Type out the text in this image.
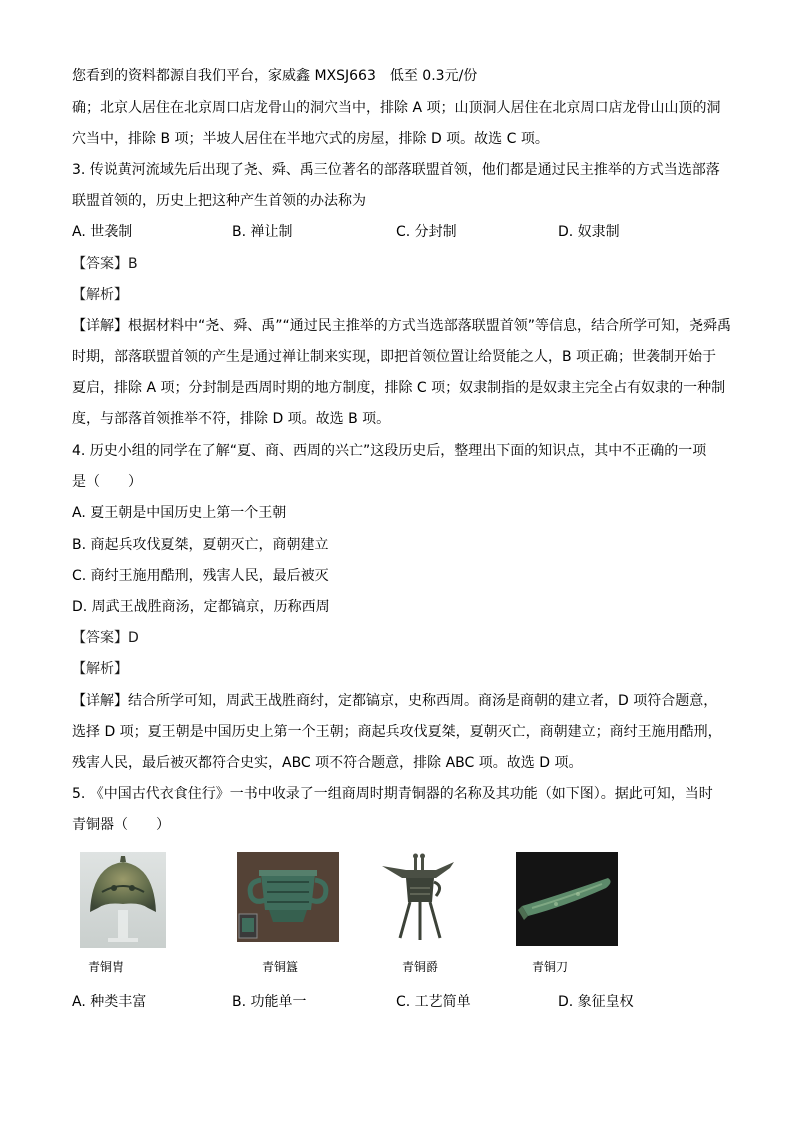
您看到的资料都源自我们平台，家威鑫 MXSJ663　低至 0.3元/份
确；北京人居住在北京周口店龙骨山的洞穴当中，排除 A 项；山顶洞人居住在北京周口店龙骨山山顶的洞
穴当中，排除 B 项；半坡人居住在半地穴式的房屋，排除 D 项。故选 C 项。
3. 传说黄河流域先后出现了尧、舜、禹三位著名的部落联盟首领，他们都是通过民主推举的方式当选部落
联盟首领的，历史上把这种产生首领的办法称为
A. 世袭制	B. 禅让制	C. 分封制	D. 奴隶制
【答案】B
【解析】
【详解】根据材料中“尧、舜、禹”“通过民主推举的方式当选部落联盟首领”等信息，结合所学可知，尧舜禹
时期，部落联盟首领的产生是通过禅让制来实现，即把首领位置让给贤能之人，B 项正确；世袭制开始于
夏启，排除 A 项；分封制是西周时期的地方制度，排除 C 项；奴隶制指的是奴隶主完全占有奴隶的一种制
度，与部落首领推举不符，排除 D 项。故选 B 项。
4. 历史小组的同学在了解“夏、商、西周的兴亡”这段历史后，整理出下面的知识点，其中不正确的一项
是（　　）
A. 夏王朝是中国历史上第一个王朝
B. 商起兵攻伐夏桀，夏朝灭亡，商朝建立
C. 商纣王施用酷刑，残害人民，最后被灭
D. 周武王战胜商汤，定都镐京，历称西周
【答案】D
【解析】
【详解】结合所学可知，周武王战胜商纣，定都镐京，史称西周。商汤是商朝的建立者，D 项符合题意，
选择 D 项；夏王朝是中国历史上第一个王朝；商起兵攻伐夏桀，夏朝灭亡，商朝建立；商纣王施用酷刑，
残害人民，最后被灭都符合史实，ABC 项不符合题意，排除 ABC 项。故选 D 项。
5. 《中国古代衣食住行》一书中收录了一组商周时期青铜器的名称及其功能（如下图）。据此可知，当时
青铜器（　　）
青铜胄	青铜簋	青铜爵	青铜刀
A. 种类丰富	B. 功能单一	C. 工艺简单	D. 象征皇权
